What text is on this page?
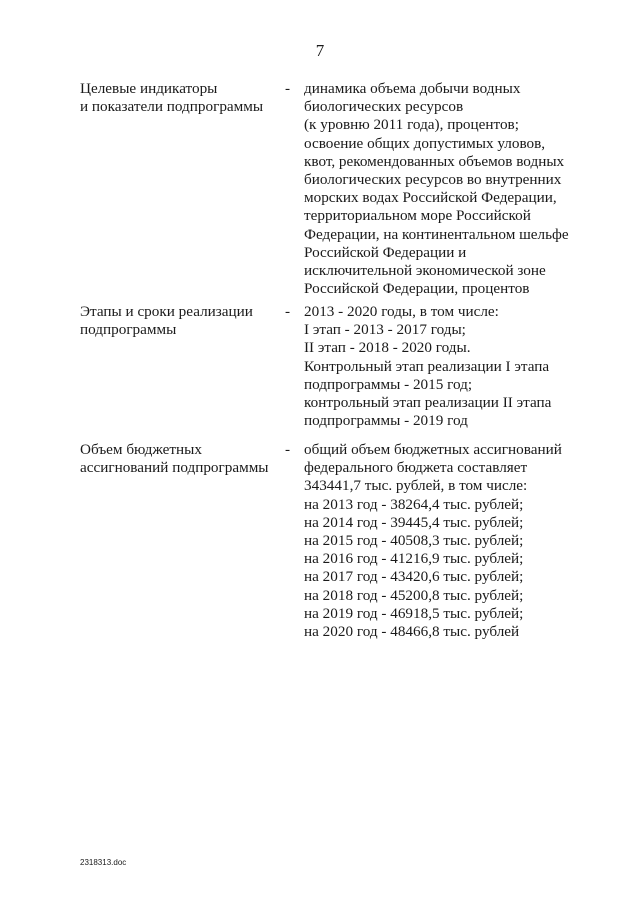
7
Целевые индикаторы
и показатели подпрограммы
- динамика объема добычи водных
биологических ресурсов
(к уровню 2011 года), процентов;
освоение общих допустимых уловов,
квот, рекомендованных объемов водных
биологических ресурсов во внутренних
морских водах Российской Федерации,
территориальном море Российской
Федерации, на континентальном шельфе
Российской Федерации и
исключительной экономической зоне
Российской Федерации, процентов
Этапы и сроки реализации
подпрограммы
- 2013 - 2020 годы, в том числе:
I этап - 2013 - 2017 годы;
II этап - 2018 - 2020 годы.
Контрольный этап реализации I этапа
подпрограммы - 2015 год;
контрольный этап реализации II этапа
подпрограммы - 2019 год
Объем бюджетных
ассигнований подпрограммы
- общий объем бюджетных ассигнований
федерального бюджета составляет
343441,7 тыс. рублей, в том числе:
на 2013 год - 38264,4 тыс. рублей;
на 2014 год - 39445,4 тыс. рублей;
на 2015 год - 40508,3 тыс. рублей;
на 2016 год - 41216,9 тыс. рублей;
на 2017 год - 43420,6 тыс. рублей;
на 2018 год - 45200,8 тыс. рублей;
на 2019 год - 46918,5 тыс. рублей;
на 2020 год - 48466,8 тыс. рублей
2318313.doc
